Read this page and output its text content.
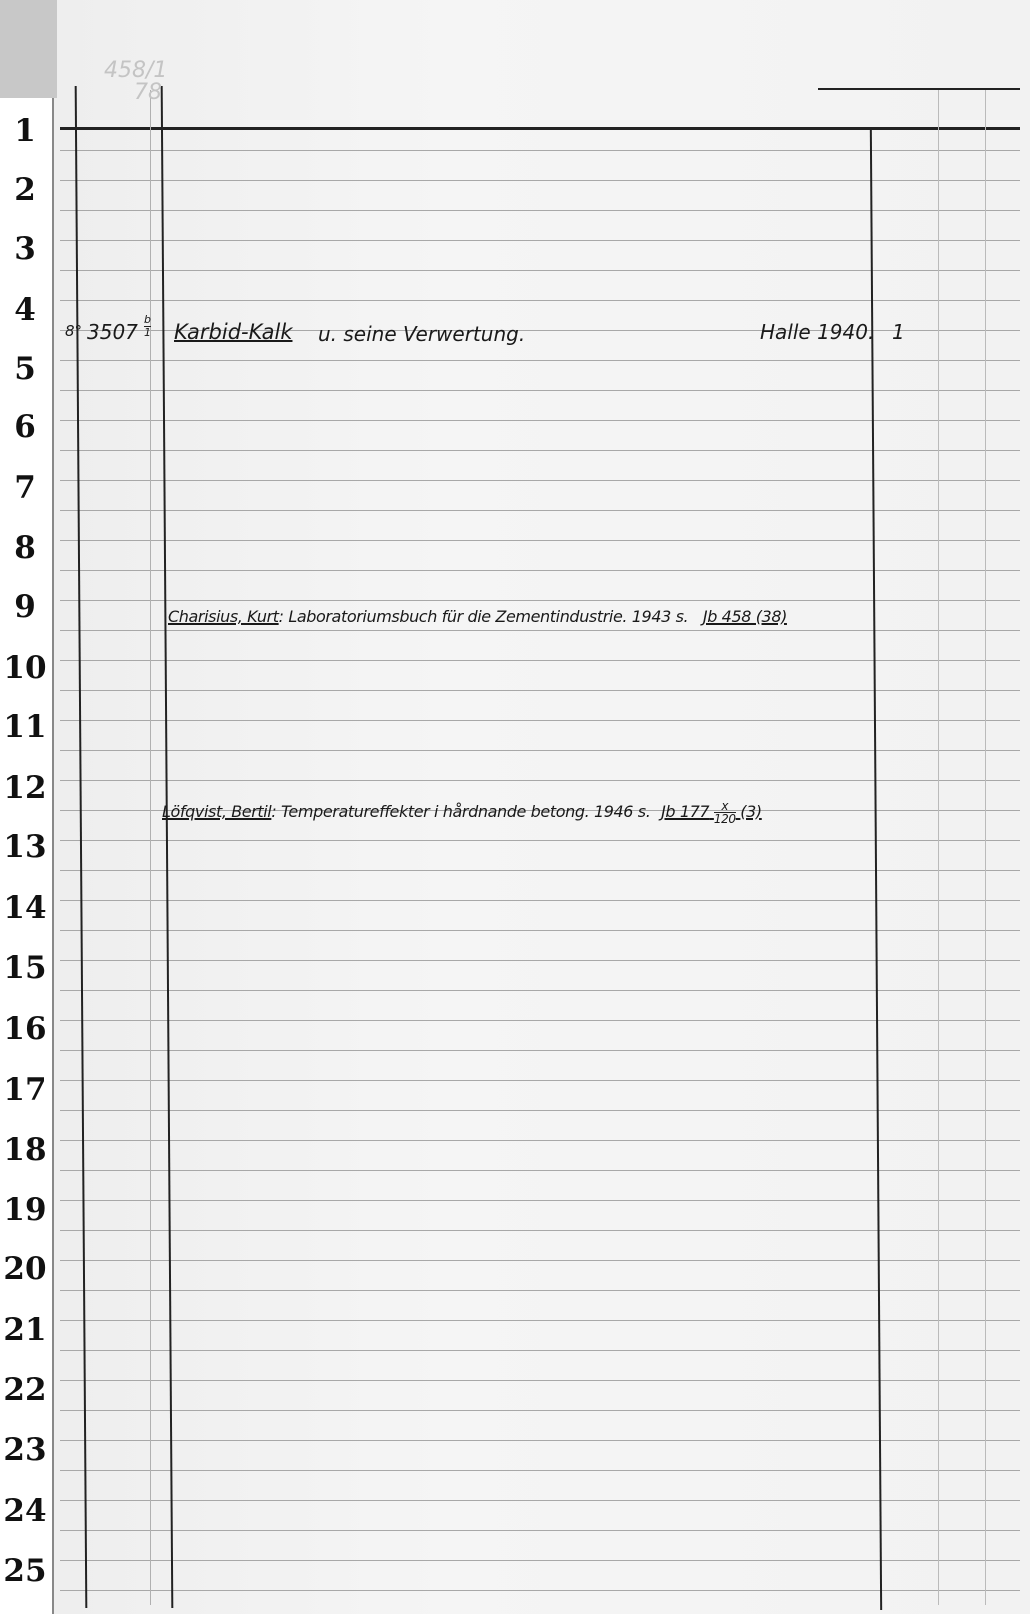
1
2
3
4
5
6
7
8
9
10
11
12
13
14
15
16
17
18
19
20
21
22
23
24
25
458/1
78
8° 3507
b
1 Karbid-Kalk u. seine Verwertung.	Halle 1940. 1
Charisius, Kurt: Laboratoriumsbuch für die Zementindustrie. 1943 s. Jb 458 (38)
Löfqvist, Bertil: Temperatureffekter i hårdnande betong. 1946 s. Jb $177 \frac{x}{120} (3)$
